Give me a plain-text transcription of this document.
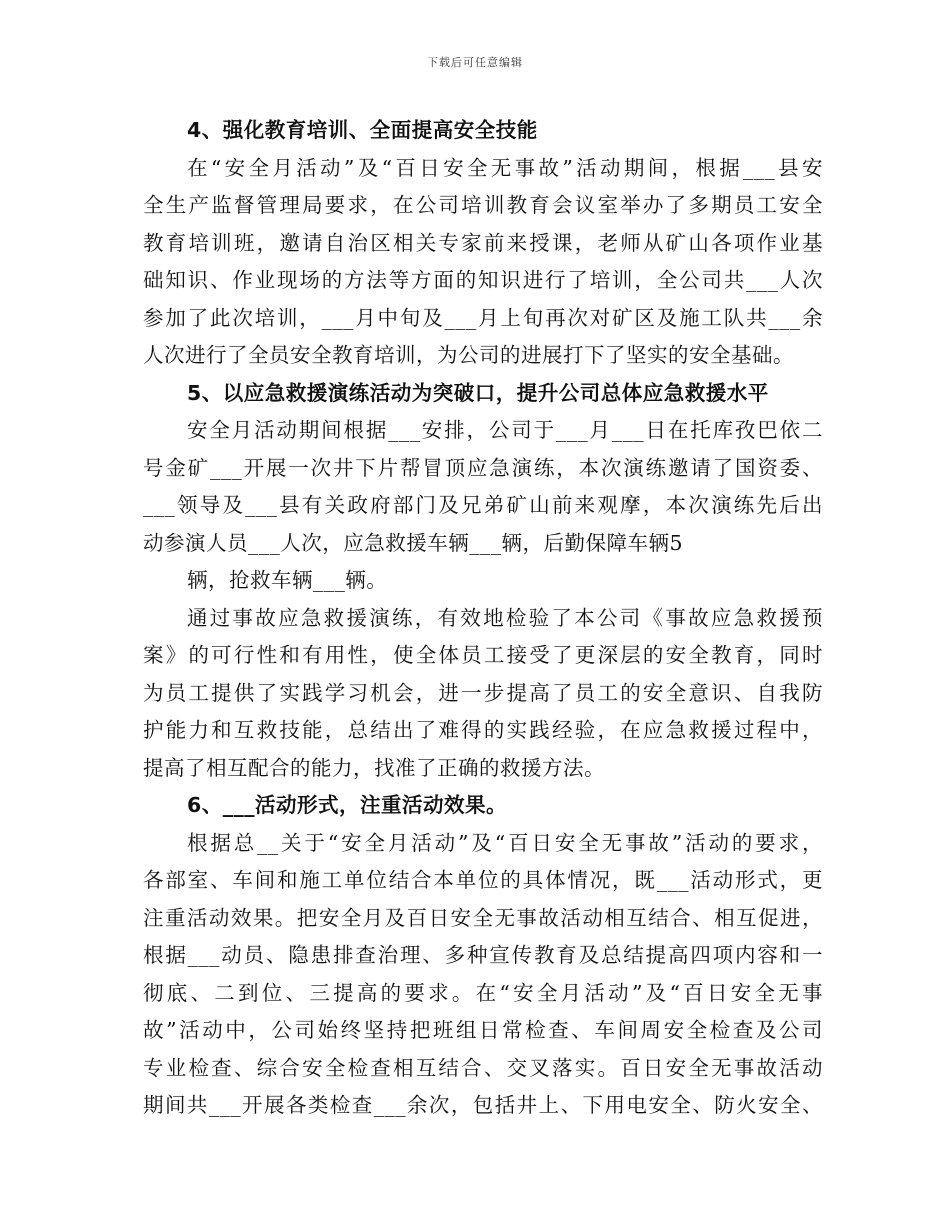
下载后可任意编辑
4、强化教育培训、全面提高安全技能
在“安全月活动”及“百日安全无事故”活动期间，根据___县安
全生产监督管理局要求，在公司培训教育会议室举办了多期员工安全
教育培训班，邀请自治区相关专家前来授课，老师从矿山各项作业基
础知识、作业现场的方法等方面的知识进行了培训，全公司共___人次
参加了此次培训，___月中旬及___月上旬再次对矿区及施工队共___余
人次进行了全员安全教育培训，为公司的进展打下了坚实的安全基础。
5、以应急救援演练活动为突破口，提升公司总体应急救援水平
安全月活动期间根据___安排，公司于___月___日在托库孜巴依二
号金矿___开展一次井下片帮冒顶应急演练，本次演练邀请了国资委、
___领导及___县有关政府部门及兄弟矿山前来观摩，本次演练先后出
动参演人员___人次，应急救援车辆___辆，后勤保障车辆5
辆，抢救车辆___辆。
通过事故应急救援演练，有效地检验了本公司《事故应急救援预
案》的可行性和有用性，使全体员工接受了更深层的安全教育，同时
为员工提供了实践学习机会，进一步提高了员工的安全意识、自我防
护能力和互救技能，总结出了难得的实践经验，在应急救援过程中，
提高了相互配合的能力，找准了正确的救援方法。
6、___活动形式，注重活动效果。
根据总__关于“安全月活动”及“百日安全无事故”活动的要求，
各部室、车间和施工单位结合本单位的具体情况，既___活动形式，更
注重活动效果。把安全月及百日安全无事故活动相互结合、相互促进，
根据___动员、隐患排查治理、多种宣传教育及总结提高四项内容和一
彻底、二到位、三提高的要求。在“安全月活动”及“百日安全无事
故”活动中，公司始终坚持把班组日常检查、车间周安全检查及公司
专业检查、综合安全检查相互结合、交叉落实。百日安全无事故活动
期间共___开展各类检查___余次，包括井上、下用电安全、防火安全、
